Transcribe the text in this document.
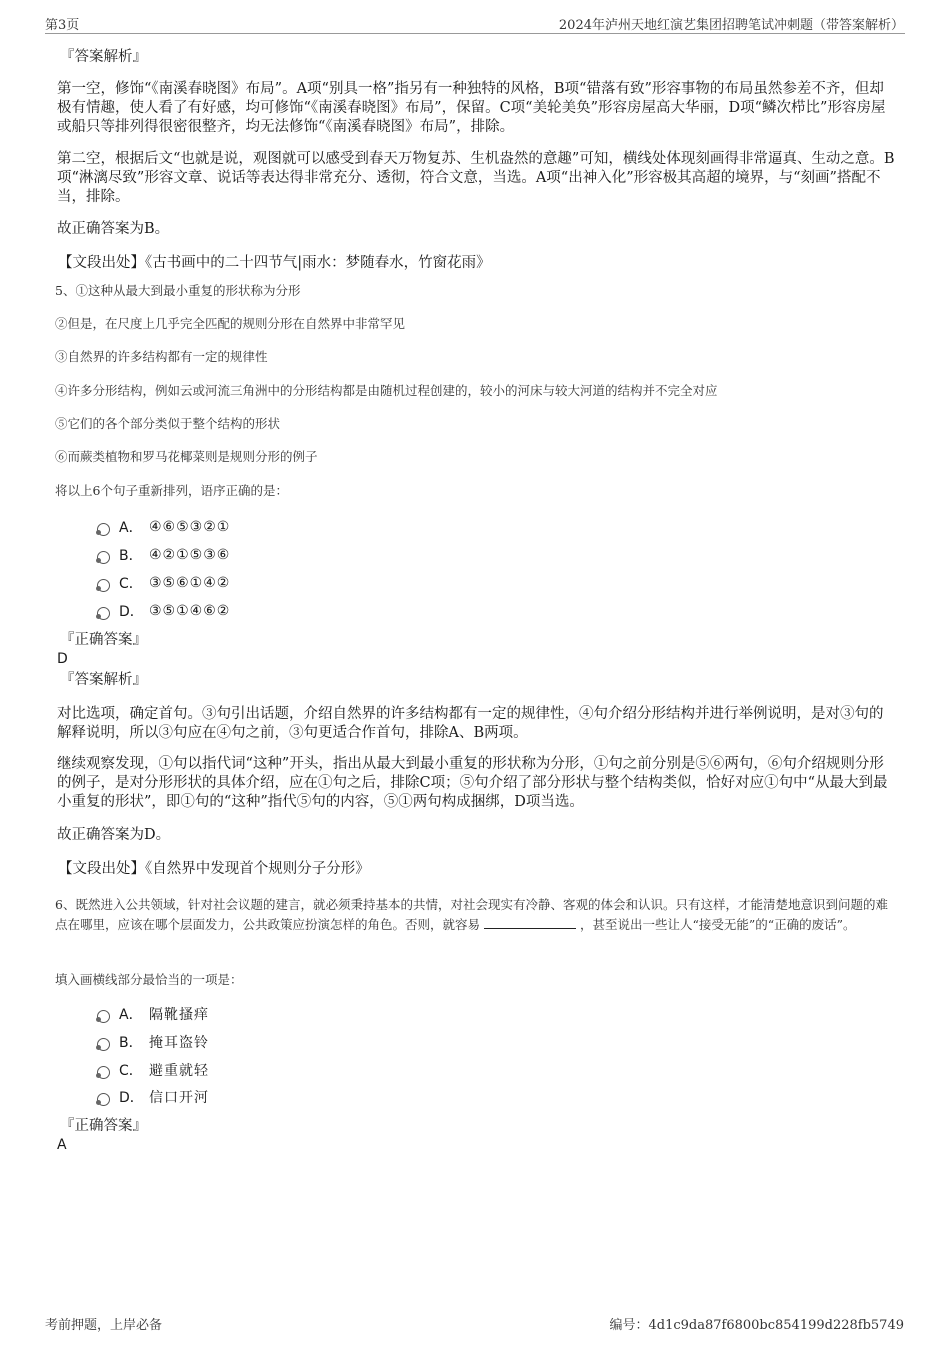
第3页	2024年泸州天地红演艺集团招聘笔试冲刺题（带答案解析）
『答案解析』
第一空，修饰“《南溪春晓图》布局”。A项“别具一格”指另有一种独特的风格，B项“错落有致”形容事物的布局虽然参差不齐，但却极有情趣，使人看了有好感，均可修饰“《南溪春晓图》布局”，保留。C项“美轮美奂”形容房屋高大华丽，D项“鳞次栉比”形容房屋或船只等排列得很密很整齐，均无法修饰“《南溪春晓图》布局”，排除。
第二空，根据后文“也就是说，观图就可以感受到春天万物复苏、生机盎然的意趣”可知，横线处体现刻画得非常逼真、生动之意。B项“淋漓尽致”形容文章、说话等表达得非常充分、透彻，符合文意，当选。A项“出神入化”形容极其高超的境界，与“刻画”搭配不当，排除。
故正确答案为B。
【文段出处】《古书画中的二十四节气|雨水：梦随春水，竹窗花雨》
5、①这种从最大到最小重复的形状称为分形
②但是，在尺度上几乎完全匹配的规则分形在自然界中非常罕见
③自然界的许多结构都有一定的规律性
④许多分形结构，例如云或河流三角洲中的分形结构都是由随机过程创建的，较小的河床与较大河道的结构并不完全对应
⑤它们的各个部分类似于整个结构的形状
⑥而蕨类植物和罗马花椰菜则是规则分形的例子
将以上6个句子重新排列，语序正确的是：
A． ④⑥⑤③②①
B． ④②①⑤③⑥
C． ③⑤⑥①④②
D． ③⑤①④⑥②
『正确答案』
D
『答案解析』
对比选项，确定首句。③句引出话题，介绍自然界的许多结构都有一定的规律性，④句介绍分形结构并进行举例说明，是对③句的解释说明，所以③句应在④句之前，③句更适合作首句，排除A、B两项。
继续观察发现，①句以指代词“这种”开头，指出从最大到最小重复的形状称为分形，①句之前分别是⑤⑥两句，⑥句介绍规则分形的例子，是对分形形状的具体介绍，应在①句之后，排除C项；⑤句介绍了部分形状与整个结构类似，恰好对应①句中“从最大到最小重复的形状”，即①句的“这种”指代⑤句的内容，⑤①两句构成捆绑，D项当选。
故正确答案为D。
【文段出处】《自然界中发现首个规则分子分形》
6、既然进入公共领域，针对社会议题的建言，就必须秉持基本的共情，对社会现实有冷静、客观的体会和认识。只有这样，才能清楚地意识到问题的难点在哪里，应该在哪个层面发力，公共政策应扮演怎样的角色。否则，就容易	，甚至说出一些让人“接受无能”的“正确的废话”。
填入画横线部分最恰当的一项是：
A． 隔靴搔痒
B． 掩耳盗铃
C． 避重就轻
D． 信口开河
『正确答案』
A
考前押题，上岸必备	编号：4d1c9da87f6800bc854199d228fb5749
